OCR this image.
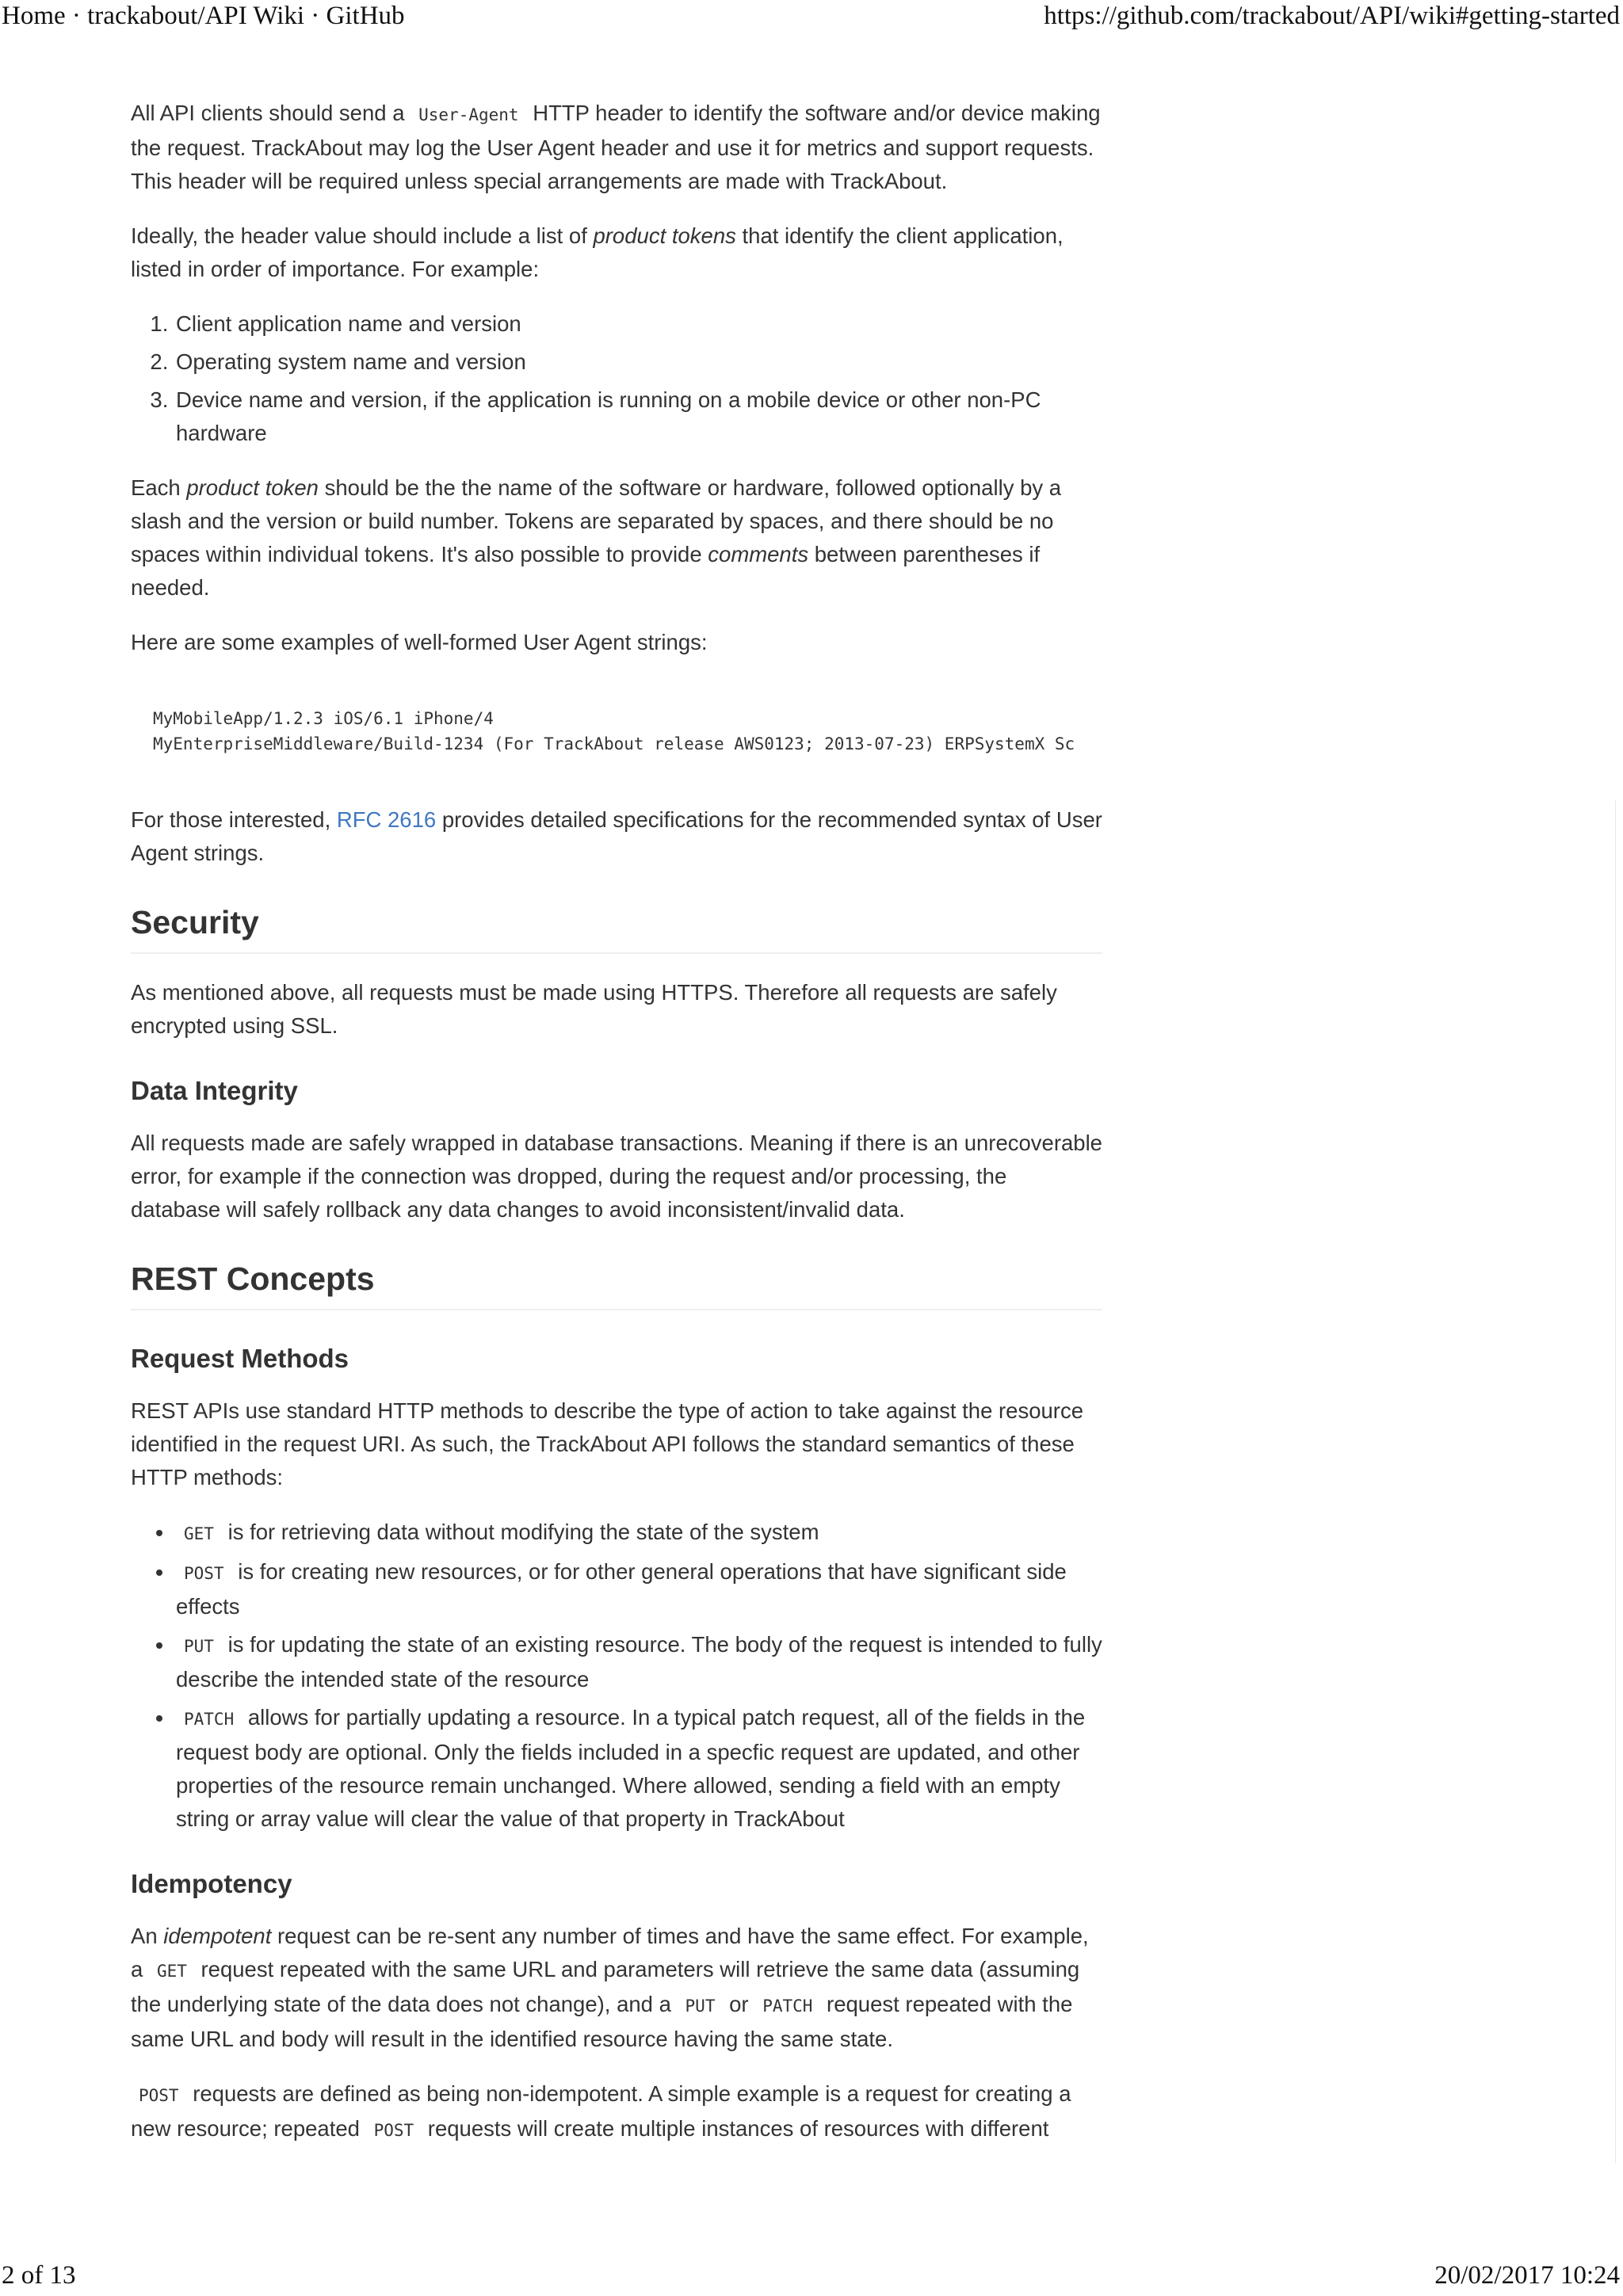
Home · trackabout/API Wiki · GitHub	https://github.com/trackabout/API/wiki#getting-started

All API clients should send a User-Agent HTTP header to identify the software and/or device making the request. TrackAbout may log the User Agent header and use it for metrics and support requests. This header will be required unless special arrangements are made with TrackAbout.

Ideally, the header value should include a list of product tokens that identify the client application, listed in order of importance. For example:

1. Client application name and version
2. Operating system name and version
3. Device name and version, if the application is running on a mobile device or other non-PC hardware

Each product token should be the the name of the software or hardware, followed optionally by a slash and the version or build number. Tokens are separated by spaces, and there should be no spaces within individual tokens. It's also possible to provide comments between parentheses if needed.

Here are some examples of well-formed User Agent strings:

MyMobileApp/1.2.3 iOS/6.1 iPhone/4
MyEnterpriseMiddleware/Build-1234 (For TrackAbout release AWS0123; 2013-07-23) ERPSystemX Sc

For those interested, RFC 2616 provides detailed specifications for the recommended syntax of User Agent strings.

Security

As mentioned above, all requests must be made using HTTPS. Therefore all requests are safely encrypted using SSL.

Data Integrity

All requests made are safely wrapped in database transactions. Meaning if there is an unrecoverable error, for example if the connection was dropped, during the request and/or processing, the database will safely rollback any data changes to avoid inconsistent/invalid data.

REST Concepts
Request Methods

REST APIs use standard HTTP methods to describe the type of action to take against the resource identified in the request URI. As such, the TrackAbout API follows the standard semantics of these HTTP methods:

• GET is for retrieving data without modifying the state of the system
• POST is for creating new resources, or for other general operations that have significant side effects
• PUT is for updating the state of an existing resource. The body of the request is intended to fully describe the intended state of the resource
• PATCH allows for partially updating a resource. In a typical patch request, all of the fields in the request body are optional. Only the fields included in a specfic request are updated, and other properties of the resource remain unchanged. Where allowed, sending a field with an empty string or array value will clear the value of that property in TrackAbout
Idempotency

An idempotent request can be re-sent any number of times and have the same effect. For example, a GET request repeated with the same URL and parameters will retrieve the same data (assuming the underlying state of the data does not change), and a PUT or PATCH request repeated with the same URL and body will result in the identified resource having the same state.

POST requests are defined as being non-idempotent. A simple example is a request for creating a new resource; repeated POST requests will create multiple instances of resources with different

2 of 13	20/02/2017 10:24
